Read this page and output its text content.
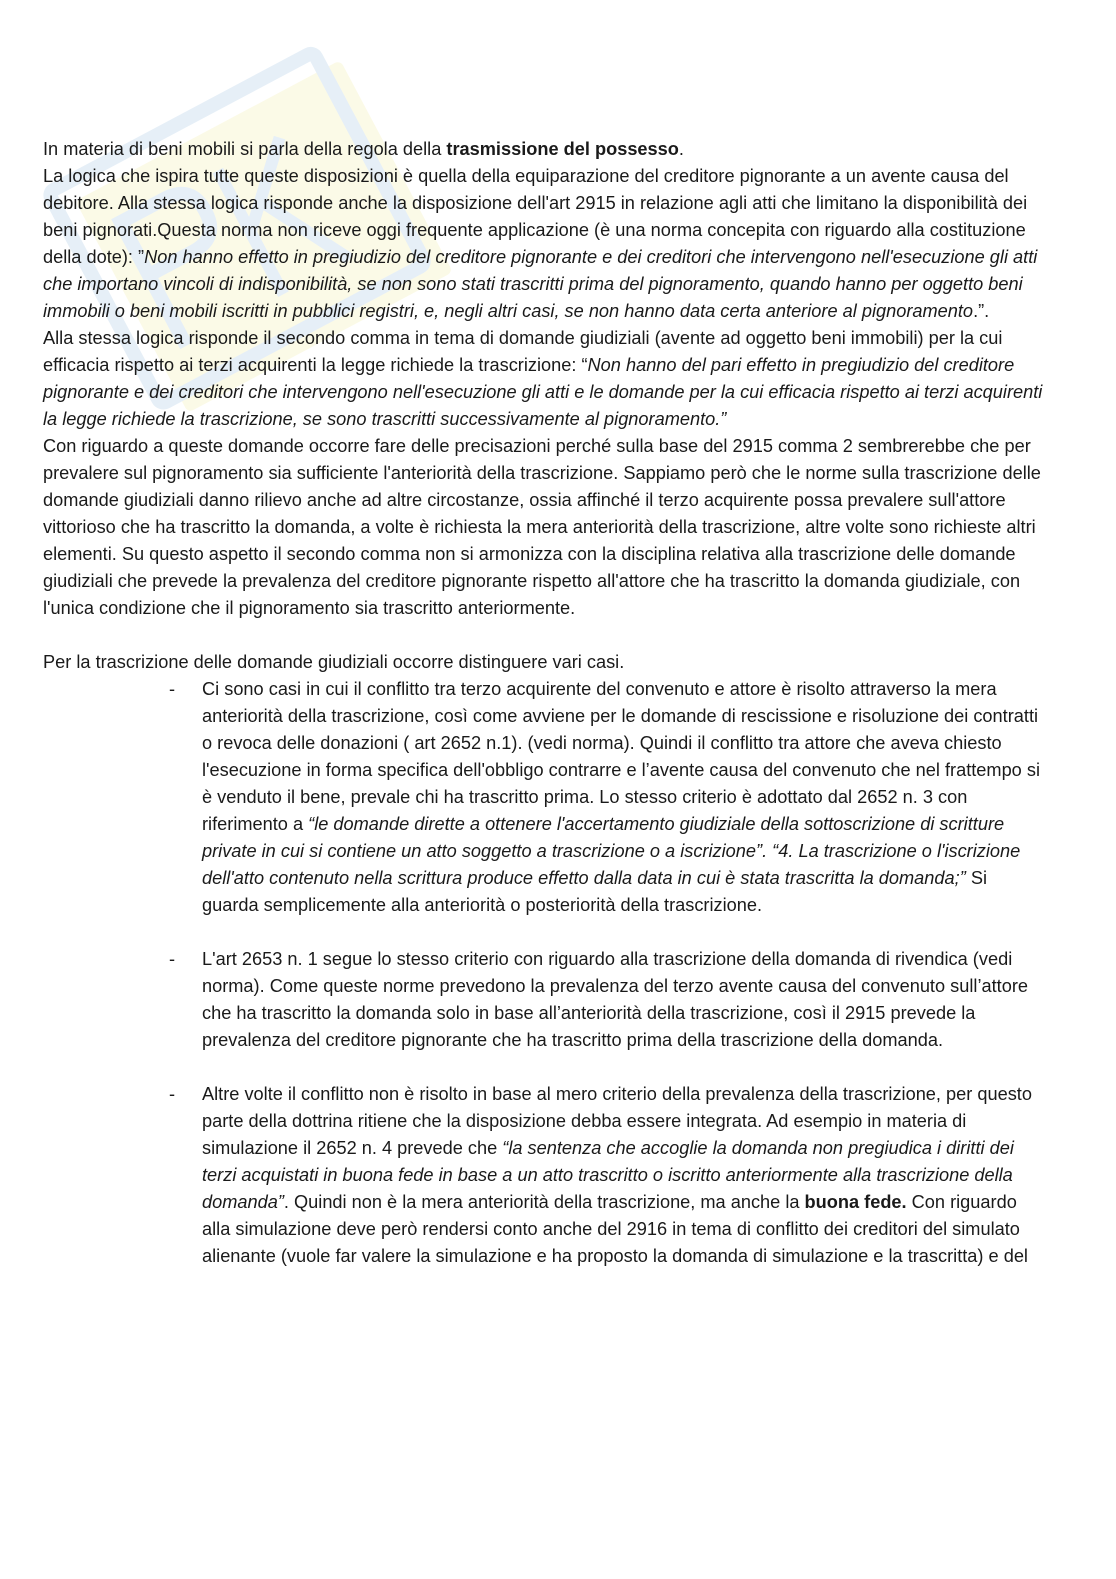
In materia di beni mobili si parla della regola della trasmissione del possesso.

La logica che ispira tutte queste disposizioni è quella della equiparazione del creditore pignorante a un avente causa del debitore. Alla stessa logica risponde anche la disposizione dell'art 2915 in relazione agli atti che limitano la disponibilità dei beni pignorati.Questa norma non riceve oggi frequente applicazione (è una norma concepita con riguardo alla costituzione della dote): ”Non hanno effetto in pregiudizio del creditore pignorante e dei creditori che intervengono nell'esecuzione gli atti che importano vincoli di indisponibilità, se non sono stati trascritti prima del pignoramento, quando hanno per oggetto beni immobili o beni mobili iscritti in pubblici registri, e, negli altri casi, se non hanno data certa anteriore al pignoramento.”.

Alla stessa logica risponde il secondo comma in tema di domande giudiziali (avente ad oggetto beni immobili) per la cui efficacia rispetto ai terzi acquirenti la legge richiede la trascrizione: “Non hanno del pari effetto in pregiudizio del creditore pignorante e dei creditori che intervengono nell'esecuzione gli atti e le domande per la cui efficacia rispetto ai terzi acquirenti la legge richiede la trascrizione, se sono trascritti successivamente al pignoramento.”

Con riguardo a queste domande occorre fare delle precisazioni perché sulla base del 2915 comma 2 sembrerebbe che per prevalere sul pignoramento sia sufficiente l'anteriorità della trascrizione. Sappiamo però che le norme sulla trascrizione delle domande giudiziali danno rilievo anche ad altre circostanze, ossia affinché il terzo acquirente possa prevalere sull'attore vittorioso che ha trascritto la domanda, a volte è richiesta la mera anteriorità della trascrizione, altre volte sono richieste altri elementi. Su questo aspetto il secondo comma non si armonizza con la disciplina relativa alla trascrizione delle domande giudiziali che prevede la prevalenza del creditore pignorante rispetto all'attore che ha trascritto la domanda giudiziale, con l'unica condizione che il pignoramento sia trascritto anteriormente.

Per la trascrizione delle domande giudiziali occorre distinguere vari casi.

- Ci sono casi in cui il conflitto tra terzo acquirente del convenuto e attore è risolto attraverso la mera anteriorità della trascrizione, così come avviene per le domande di rescissione e risoluzione dei contratti o revoca delle donazioni ( art 2652 n.1). (vedi norma). Quindi il conflitto tra attore che aveva chiesto l'esecuzione in forma specifica dell'obbligo contrarre e l’avente causa del convenuto che nel frattempo si è venduto il bene, prevale chi ha trascritto prima. Lo stesso criterio è adottato dal 2652 n. 3 con riferimento a “le domande dirette a ottenere l'accertamento giudiziale della sottoscrizione di scritture private in cui si contiene un atto soggetto a trascrizione o a iscrizione”. “4. La trascrizione o l'iscrizione dell'atto contenuto nella scrittura produce effetto dalla data in cui è stata trascritta la domanda;” Si guarda semplicemente alla anteriorità o posteriorità della trascrizione.
- L'art 2653 n. 1 segue lo stesso criterio con riguardo alla trascrizione della domanda di rivendica (vedi norma). Come queste norme prevedono la prevalenza del terzo avente causa del convenuto sull’attore che ha trascritto la domanda solo in base all’anteriorità della trascrizione, così il 2915 prevede la prevalenza del creditore pignorante che ha trascritto prima della trascrizione della domanda.
- Altre volte il conflitto non è risolto in base al mero criterio della prevalenza della trascrizione, per questo parte della dottrina ritiene che la disposizione debba essere integrata. Ad esempio in materia di simulazione il 2652 n. 4 prevede che “la sentenza che accoglie la domanda non pregiudica i diritti dei terzi acquistati in buona fede in base a un atto trascritto o iscritto anteriormente alla trascrizione della domanda”. Quindi non è la mera anteriorità della trascrizione, ma anche la buona fede. Con riguardo alla simulazione deve però rendersi conto anche del 2916 in tema di conflitto dei creditori del simulato alienante (vuole far valere la simulazione e ha proposto la domanda di simulazione e la trascritta) e del
